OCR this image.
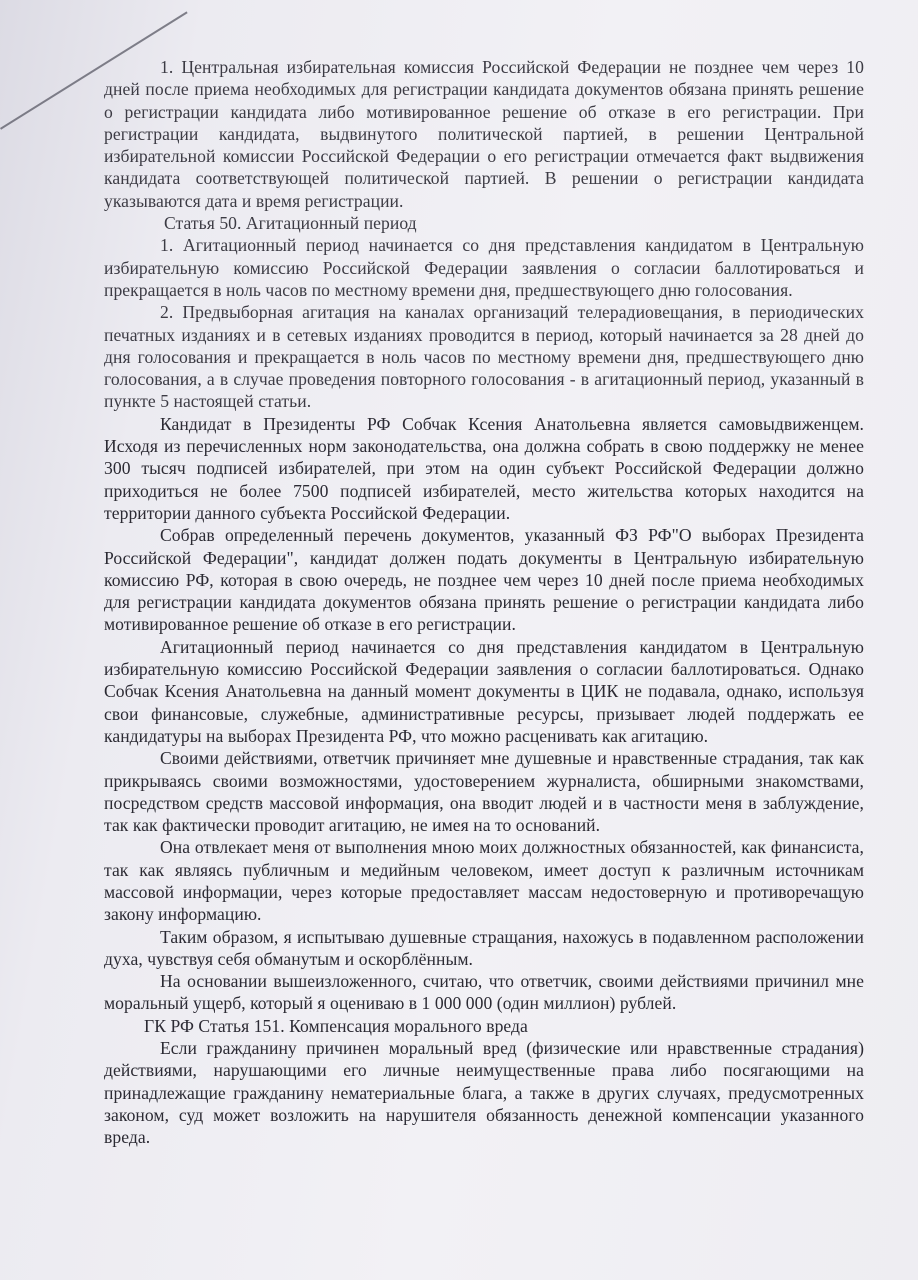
1. Центральная избирательная комиссия Российской Федерации не позднее чем через 10 дней после приема необходимых для регистрации кандидата документов обязана принять решение о регистрации кандидата либо мотивированное решение об отказе в его регистрации. При регистрации кандидата, выдвинутого политической партией, в решении Центральной избирательной комиссии Российской Федерации о его регистрации отмечается факт выдвижения кандидата соответствующей политической партией. В решении о регистрации кандидата указываются дата и время регистрации.

Статья 50. Агитационный период

1. Агитационный период начинается со дня представления кандидатом в Центральную избирательную комиссию Российской Федерации заявления о согласии баллотироваться и прекращается в ноль часов по местному времени дня, предшествующего дню голосования.

2. Предвыборная агитация на каналах организаций телерадиовещания, в периодических печатных изданиях и в сетевых изданиях проводится в период, который начинается за 28 дней до дня голосования и прекращается в ноль часов по местному времени дня, предшествующего дню голосования, а в случае проведения повторного голосования - в агитационный период, указанный в пункте 5 настоящей статьи.

Кандидат в Президенты РФ Собчак Ксения Анатольевна является самовыдвиженцем. Исходя из перечисленных норм законодательства, она должна собрать в свою поддержку не менее 300 тысяч подписей избирателей, при этом на один субъект Российской Федерации должно приходиться не более 7500 подписей избирателей, место жительства которых находится на территории данного субъекта Российской Федерации.

Собрав определенный перечень документов, указанный ФЗ РФ"О выборах Президента Российской Федерации", кандидат должен подать документы в Центральную избирательную комиссию РФ, которая в свою очередь, не позднее чем через 10 дней после приема необходимых для регистрации кандидата документов обязана принять решение о регистрации кандидата либо мотивированное решение об отказе в его регистрации.

Агитационный период начинается со дня представления кандидатом в Центральную избирательную комиссию Российской Федерации заявления о согласии баллотироваться. Однако Собчак Ксения Анатольевна на данный момент документы в ЦИК не подавала, однако, используя свои финансовые, служебные, административные ресурсы, призывает людей поддержать ее кандидатуры на выборах Президента РФ, что можно расценивать как агитацию.

Своими действиями, ответчик причиняет мне душевные и нравственные страдания, так как прикрываясь своими возможностями, удостоверением журналиста, обширными знакомствами, посредством средств массовой информация, она вводит людей и в частности меня в заблуждение, так как фактически проводит агитацию, не имея на то оснований.

Она отвлекает меня от выполнения мною моих должностных обязанностей, как финансиста, так как являясь публичным и медийным человеком, имеет доступ к различным источникам массовой информации, через которые предоставляет массам недостоверную и противоречащую закону информацию.

Таким образом, я испытываю душевные стращания, нахожусь в подавленном расположении духа, чувствуя себя обманутым и оскорблённым.

На основании вышеизложенного, считаю, что ответчик, своими действиями причинил мне моральный ущерб, который я оцениваю в 1 000 000 (один миллион) рублей.

ГК РФ Статья 151. Компенсация морального вреда

Если гражданину причинен моральный вред (физические или нравственные страдания) действиями, нарушающими его личные неимущественные права либо посягающими на принадлежащие гражданину нематериальные блага, а также в других случаях, предусмотренных законом, суд может возложить на нарушителя обязанность денежной компенсации указанного вреда.
